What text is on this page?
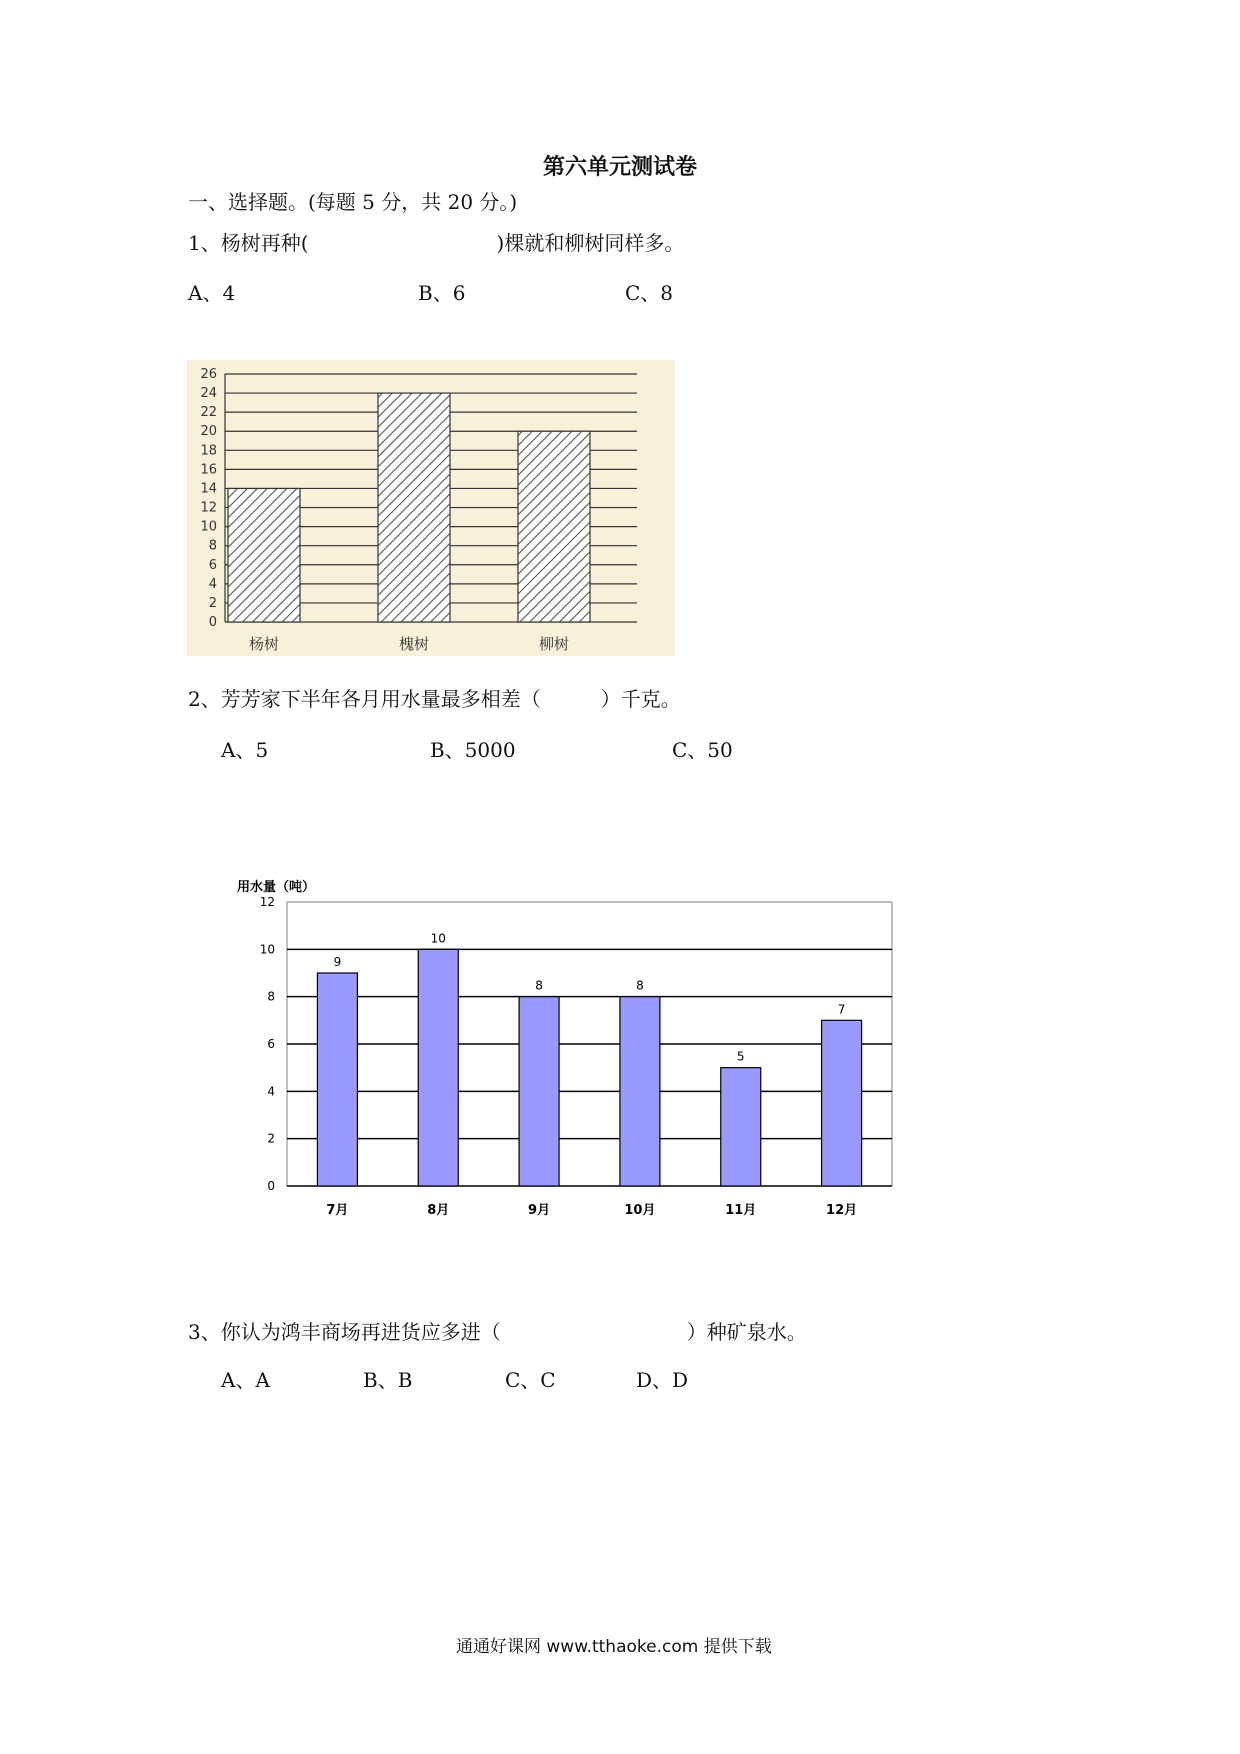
第六单元测试卷
一、选择题。(每题 5 分，共 20 分。)
1、杨树再种(	)棵就和柳树同样多。
A、4	B、6	C、8
0
2
4
6
8
10
12
14
16
18
20
22
24
26
杨树	槐树	柳树
2、芳芳家下半年各月用水量最多相差（	）千克。
A、5	B、5000	C、50
用水量（吨）
0
2
4
6
8
10
12
7月	8月	9月	10月	11月	12月
9
10
8	8
5
7
3、你认为鸿丰商场再进货应多进（	）种矿泉水。
A、A	B、B	C、C	D、D
通通好课网 www.tthaoke.com 提供下载
